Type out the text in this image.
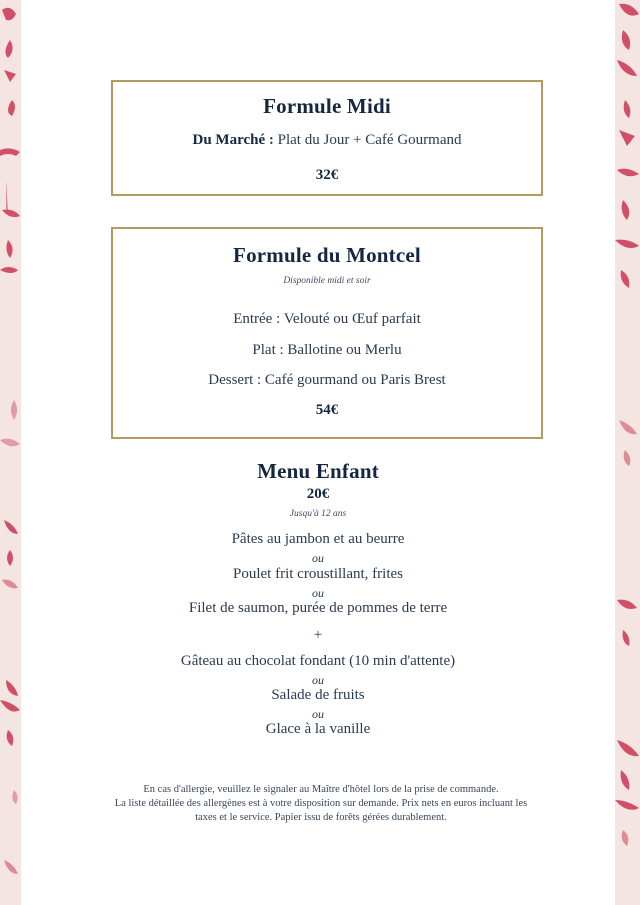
Formule Midi
Du Marché : Plat du Jour + Café Gourmand
32€
Formule du Montcel
Disponible midi et soir
Entrée : Velouté ou Œuf parfait
Plat : Ballotine ou Merlu
Dessert : Café gourmand ou Paris Brest
54€
Menu Enfant
20€
Jusqu'à 12 ans
Pâtes au jambon et au beurre
ou
Poulet frit croustillant, frites
ou
Filet de saumon, purée de pommes de terre
+
Gâteau au chocolat fondant (10 min d'attente)
ou
Salade de fruits
ou
Glace à la vanille
En cas d'allergie, veuillez le signaler au Maître d'hôtel lors de la prise de commande.
La liste détaillée des allergènes est à votre disposition sur demande. Prix nets en euros incluant les
taxes et le service. Papier issu de forêts gérées durablement.
